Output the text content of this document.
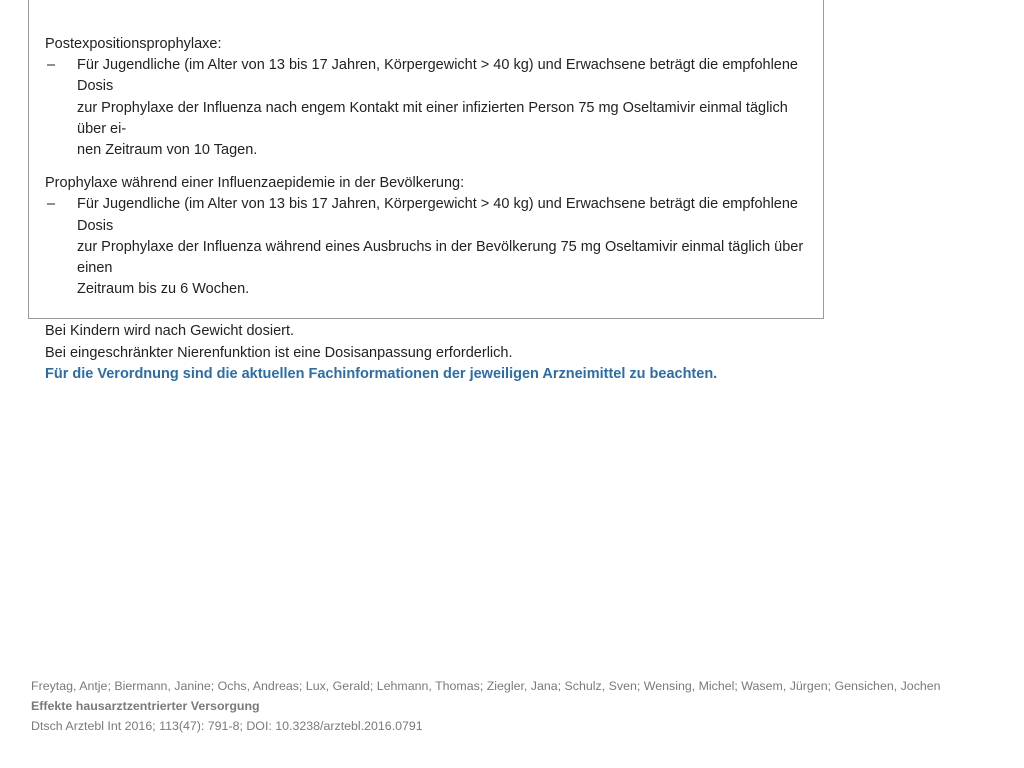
Postexpositionsprophylaxe:

– Für Jugendliche (im Alter von 13 bis 17 Jahren, Körpergewicht > 40 kg) und Erwachsene beträgt die empfohlene Dosis
zur Prophylaxe der Influenza nach engem Kontakt mit einer infizierten Person 75 mg Oseltamivir einmal täglich über ei-
nen Zeitraum von 10 Tagen.

Prophylaxe während einer Influenzaepidemie in der Bevölkerung:

– Für Jugendliche (im Alter von 13 bis 17 Jahren, Körpergewicht > 40 kg) und Erwachsene beträgt die empfohlene Dosis
zur Prophylaxe der Influenza während eines Ausbruchs in der Bevölkerung 75 mg Oseltamivir einmal täglich über einen
Zeitraum bis zu 6 Wochen.
Bei Kindern wird nach Gewicht dosiert.
Bei eingeschränkter Nierenfunktion ist eine Dosisanpassung erforderlich.
Für die Verordnung sind die aktuellen Fachinformationen der jeweiligen Arzneimittel zu beachten.
Freytag, Antje; Biermann, Janine; Ochs, Andreas; Lux, Gerald; Lehmann, Thomas; Ziegler, Jana; Schulz, Sven; Wensing, Michel; Wasem, Jürgen; Gensichen, Jochen
Effekte hausarztzentrierter Versorgung
Dtsch Arztebl Int 2016; 113(47): 791-8; DOI: 10.3238/arztebl.2016.0791
